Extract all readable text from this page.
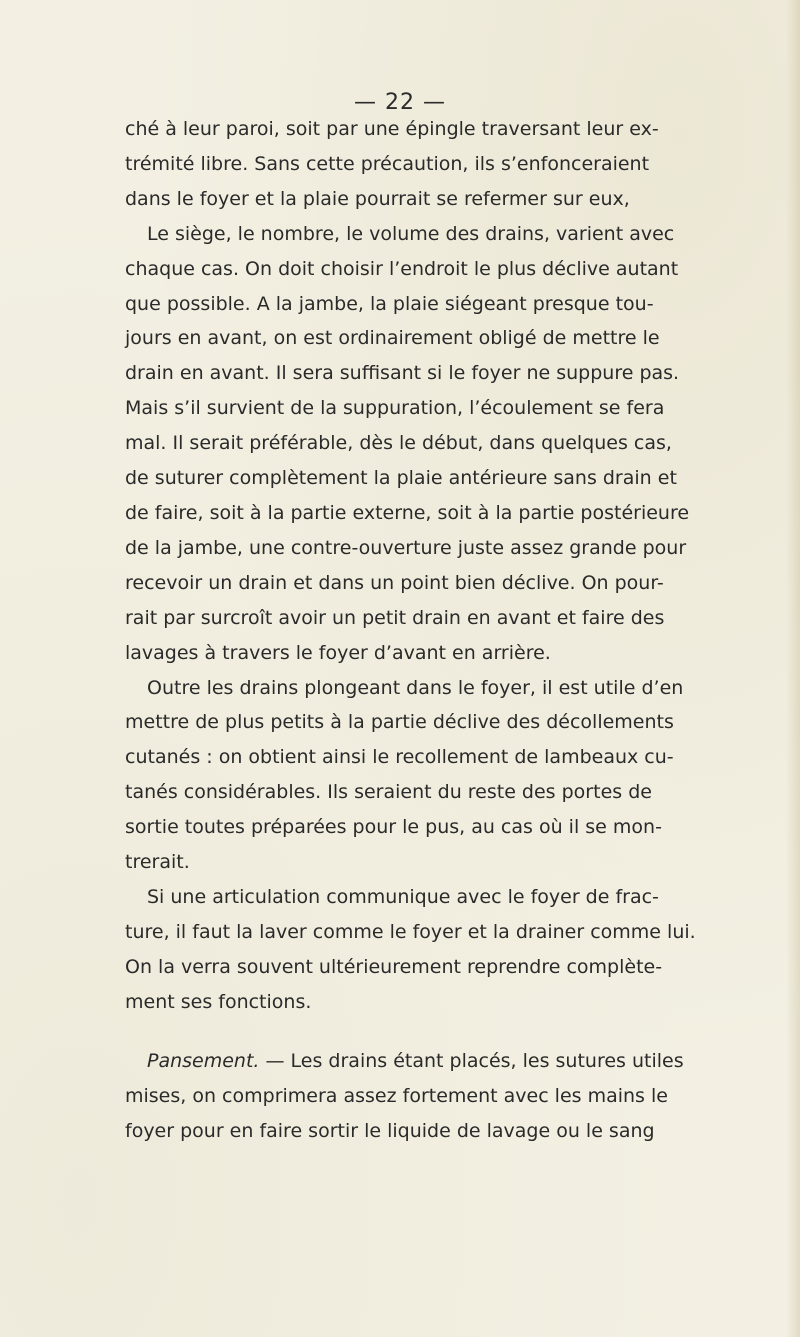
— 22 —

ché à leur paroi, soit par une épingle traversant leur ex-
trémité libre. Sans cette précaution, ils s’enfonceraient
dans le foyer et la plaie pourrait se refermer sur eux,
Le siège, le nombre, le volume des drains, varient avec
chaque cas. On doit choisir l’endroit le plus déclive autant
que possible. A la jambe, la plaie siégeant presque tou-
jours en avant, on est ordinairement obligé de mettre le
drain en avant. Il sera suffisant si le foyer ne suppure pas.
Mais s’il survient de la suppuration, l’écoulement se fera
mal. Il serait préférable, dès le début, dans quelques cas,
de suturer complètement la plaie antérieure sans drain et
de faire, soit à la partie externe, soit à la partie postérieure
de la jambe, une contre-ouverture juste assez grande pour
recevoir un drain et dans un point bien déclive. On pour-
rait par surcroît avoir un petit drain en avant et faire des
lavages à travers le foyer d’avant en arrière.
Outre les drains plongeant dans le foyer, il est utile d’en
mettre de plus petits à la partie déclive des décollements
cutanés : on obtient ainsi le recollement de lambeaux cu-
tanés considérables. Ils seraient du reste des portes de
sortie toutes préparées pour le pus, au cas où il se mon-
trerait.
Si une articulation communique avec le foyer de frac-
ture, il faut la laver comme le foyer et la drainer comme lui.
On la verra souvent ultérieurement reprendre complète-
ment ses fonctions.
Pansement. — Les drains étant placés, les sutures utiles
mises, on comprimera assez fortement avec les mains le
foyer pour en faire sortir le liquide de lavage ou le sang
